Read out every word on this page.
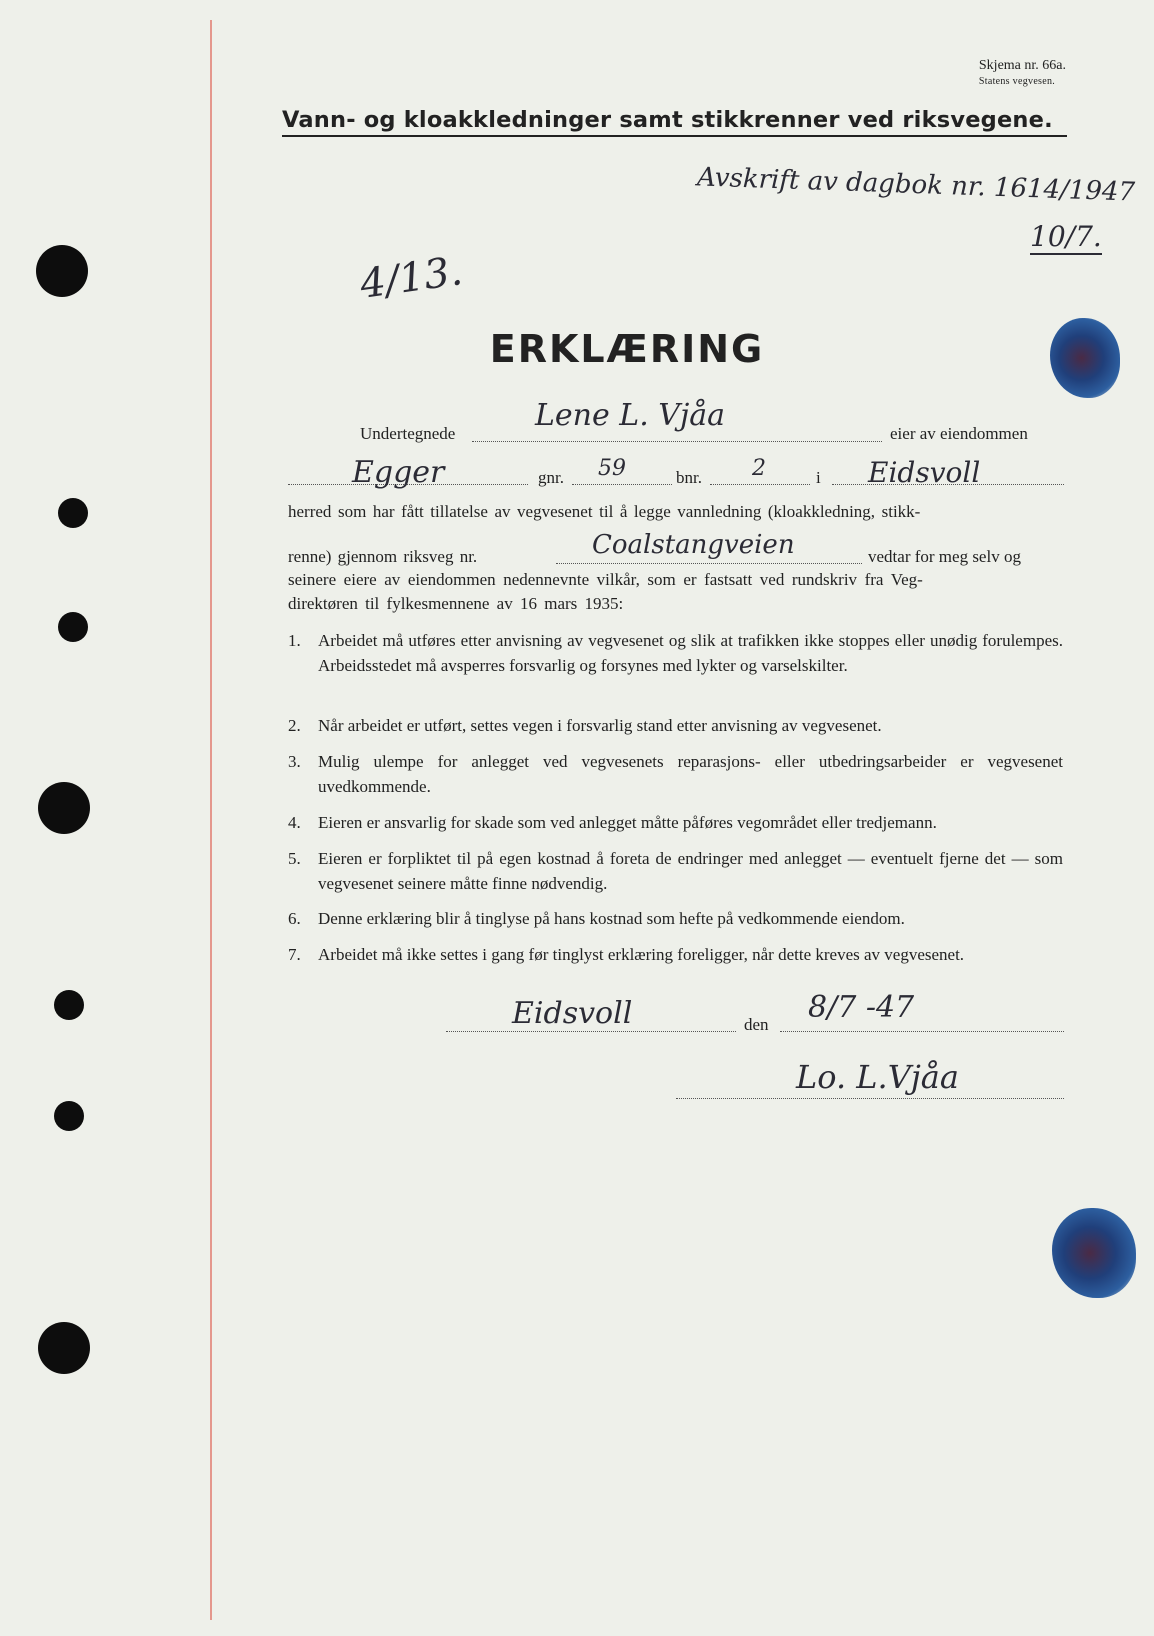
Skjema nr. 66a.
Statens vegvesen.
Vann- og kloakkledninger samt stikkrenner ved riksvegene.
Avskrift av dagbok nr. 1614/1947
10/7.
4/13.
ERKLÆRING
Undertegnede
Lene L. Vjåa
eier av eiendommen
Egger	gnr. 59	bnr. 2	i Eidsvoll
herred som har fått tillatelse av vegvesenet til å legge vannledning (kloakkledning, stikk-
renne) gjennom riksveg nr.	Coalstangveien	vedtar for meg selv og
seinere eiere av eiendommen nedennevnte vilkår, som er fastsatt ved rundskriv fra Veg-
direktøren til fylkesmennene av 16 mars 1935:
1.	Arbeidet må utføres etter anvisning av vegvesenet og slik at trafikken ikke stoppes eller unødig forulempes. Arbeidsstedet må avsperres forsvarlig og forsynes med lykter og varselskilter.
2.	Når arbeidet er utført, settes vegen i forsvarlig stand etter anvisning av vegvesenet.
3.	Mulig ulempe for anlegget ved vegvesenets reparasjons- eller utbedringsarbeider er vegvesenet uvedkommende.
4.	Eieren er ansvarlig for skade som ved anlegget måtte påføres vegområdet eller tredjemann.
5.	Eieren er forpliktet til på egen kostnad å foreta de endringer med anlegget — eventuelt fjerne det — som vegvesenet seinere måtte finne nødvendig.
6.	Denne erklæring blir å tinglyse på hans kostnad som hefte på vedkommende eiendom.
7.	Arbeidet må ikke settes i gang før tinglyst erklæring foreligger, når dette kreves av vegvesenet.
Eidsvoll	den 8/7 -47
Lo. L.Vjåa
